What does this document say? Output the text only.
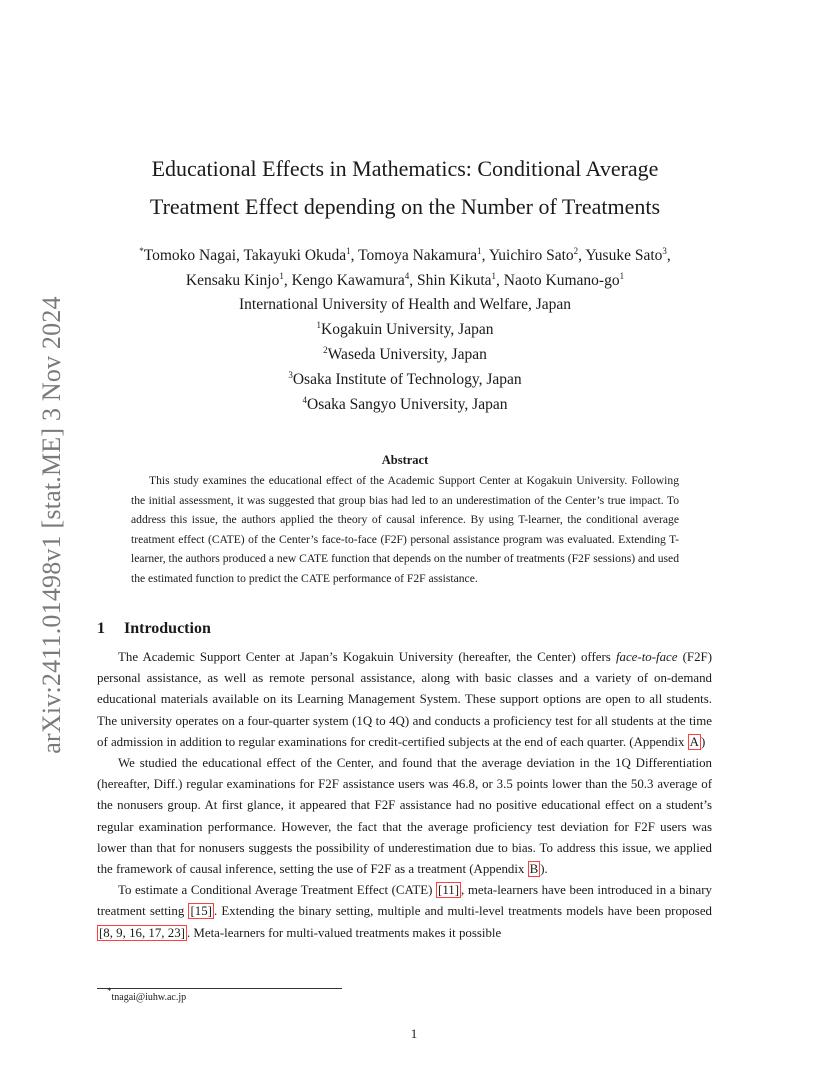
arXiv:2411.01498v1 [stat.ME] 3 Nov 2024
Educational Effects in Mathematics: Conditional Average
Treatment Effect depending on the Number of Treatments
*Tomoko Nagai, Takayuki Okuda$^1$, Tomoya Nakamura$^1$, Yuichiro Sato$^2$, Yusuke Sato$^3$,
Kensaku Kinjo$^1$, Kengo Kawamura$^4$, Shin Kikuta$^1$, Naoto Kumano-$go^1$
International University of Health and Welfare, Japan
$^1$Kogakuin University, Japan
$^2$Waseda University, Japan
$^3$Osaka Institute of Technology, Japan
$^4$Osaka Sangyo University, Japan
Abstract
This study examines the educational effect of the Academic Support Center at Kogakuin University. Following the initial assessment, it was suggested that group bias had led to an underestimation of the Center’s true impact. To address this issue, the authors applied the theory of causal inference. By using T-learner, the conditional average treatment effect (CATE) of the Center’s face-to-face (F2F) personal assistance program was evaluated. Extending T-learner, the authors produced a new CATE function that depends on the number of treatments (F2F sessions) and used the estimated function to predict the CATE performance of F2F assistance.
1 Introduction

The Academic Support Center at Japan’s Kogakuin University (hereafter, the Center) offers face-to-face (F2F) personal assistance, as well as remote personal assistance, along with basic classes and a variety of on-demand educational materials available on its Learning Management System. These support options are open to all students. The university operates on a four-quarter system (1Q to 4Q) and conducts a proficiency test for all students at the time of admission in addition to regular examinations for credit-certified subjects at the end of each quarter. (Appendix A )

We studied the educational effect of the Center, and found that the average deviation in the 1Q Differentiation (hereafter, Diff.) regular examinations for F2F assistance users was 46.8, or 3.5 points lower than the 50.3 average of the nonusers group. At first glance, it appeared that F2F assistance had no positive educational effect on a student’s regular examination performance. However, the fact that the average proficiency test deviation for F2F users was lower than that for nonusers suggests the possibility of underestimation due to bias. To address this issue, we applied the framework of causal inference, setting the use of F2F as a treatment (Appendix B ).

To estimate a Conditional Average Treatment Effect (CATE) [11] , meta-learners have been introduced in a binary treatment setting [15] . Extending the binary setting, multiple and multi-level treatments models have been proposed [8, 9, 16, 17, 23] . Meta-learners for multi-valued treatments makes it possible

*tnagai@iuhw.ac.jp
1
